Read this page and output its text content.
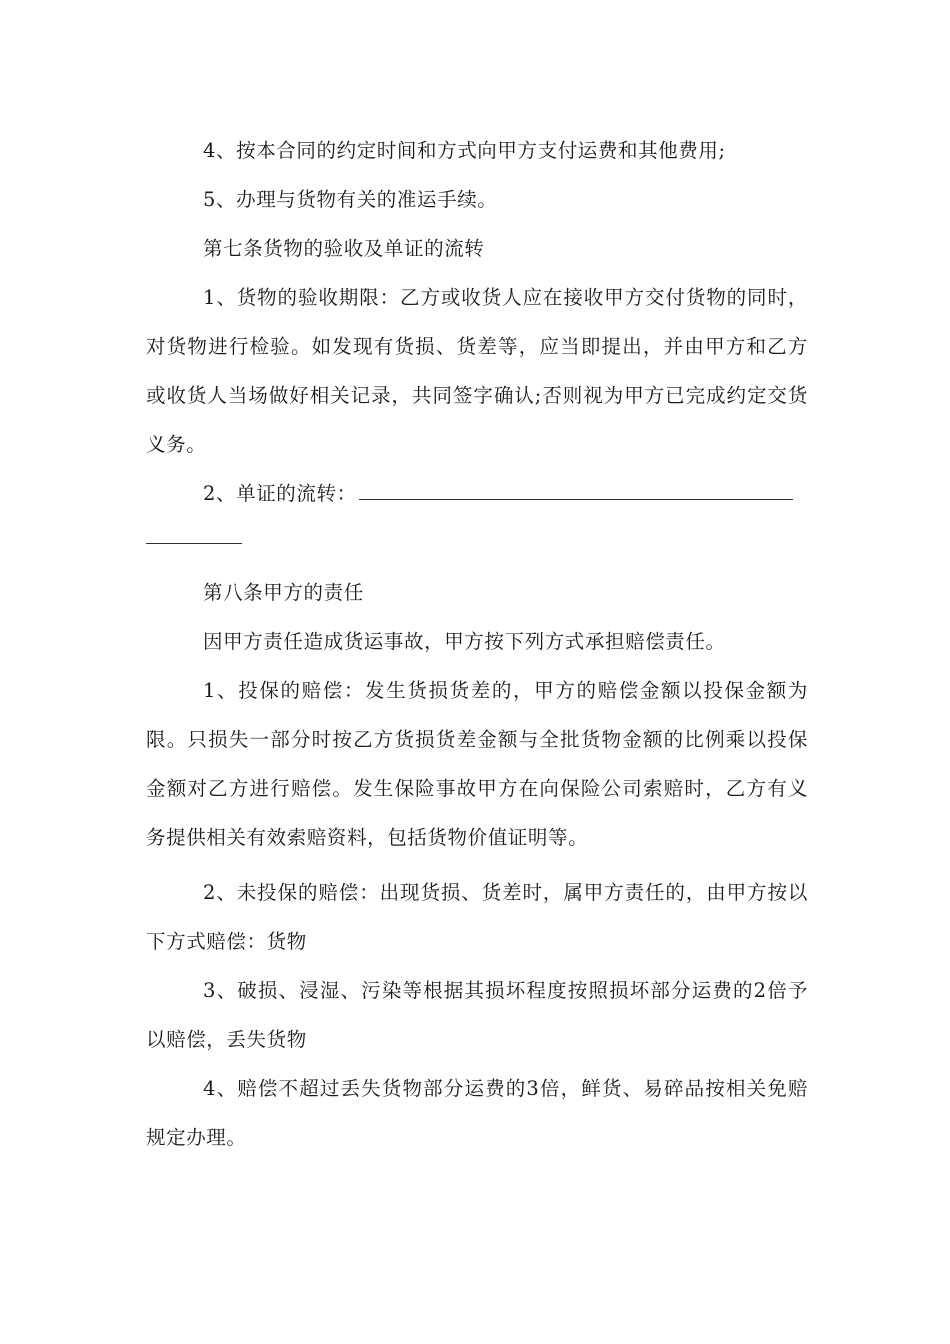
4、按本合同的约定时间和方式向甲方支付运费和其他费用;

5、办理与货物有关的准运手续。

第七条货物的验收及单证的流转

1、货物的验收期限：乙方或收货人应在接收甲方交付货物的同时，对货物进行检验。如发现有货损、货差等，应当即提出，并由甲方和乙方或收货人当场做好相关记录，共同签字确认;否则视为甲方已完成约定交货义务。

2、单证的流转：

第八条甲方的责任

因甲方责任造成货运事故，甲方按下列方式承担赔偿责任。

1、投保的赔偿：发生货损货差的，甲方的赔偿金额以投保金额为限。只损失一部分时按乙方货损货差金额与全批货物金额的比例乘以投保金额对乙方进行赔偿。发生保险事故甲方在向保险公司索赔时，乙方有义务提供相关有效索赔资料，包括货物价值证明等。

2、未投保的赔偿：出现货损、货差时，属甲方责任的，由甲方按以下方式赔偿：货物

3、破损、浸湿、污染等根据其损坏程度按照损坏部分运费的2倍予以赔偿，丢失货物

4、赔偿不超过丢失货物部分运费的3倍，鲜货、易碎品按相关免赔规定办理。
